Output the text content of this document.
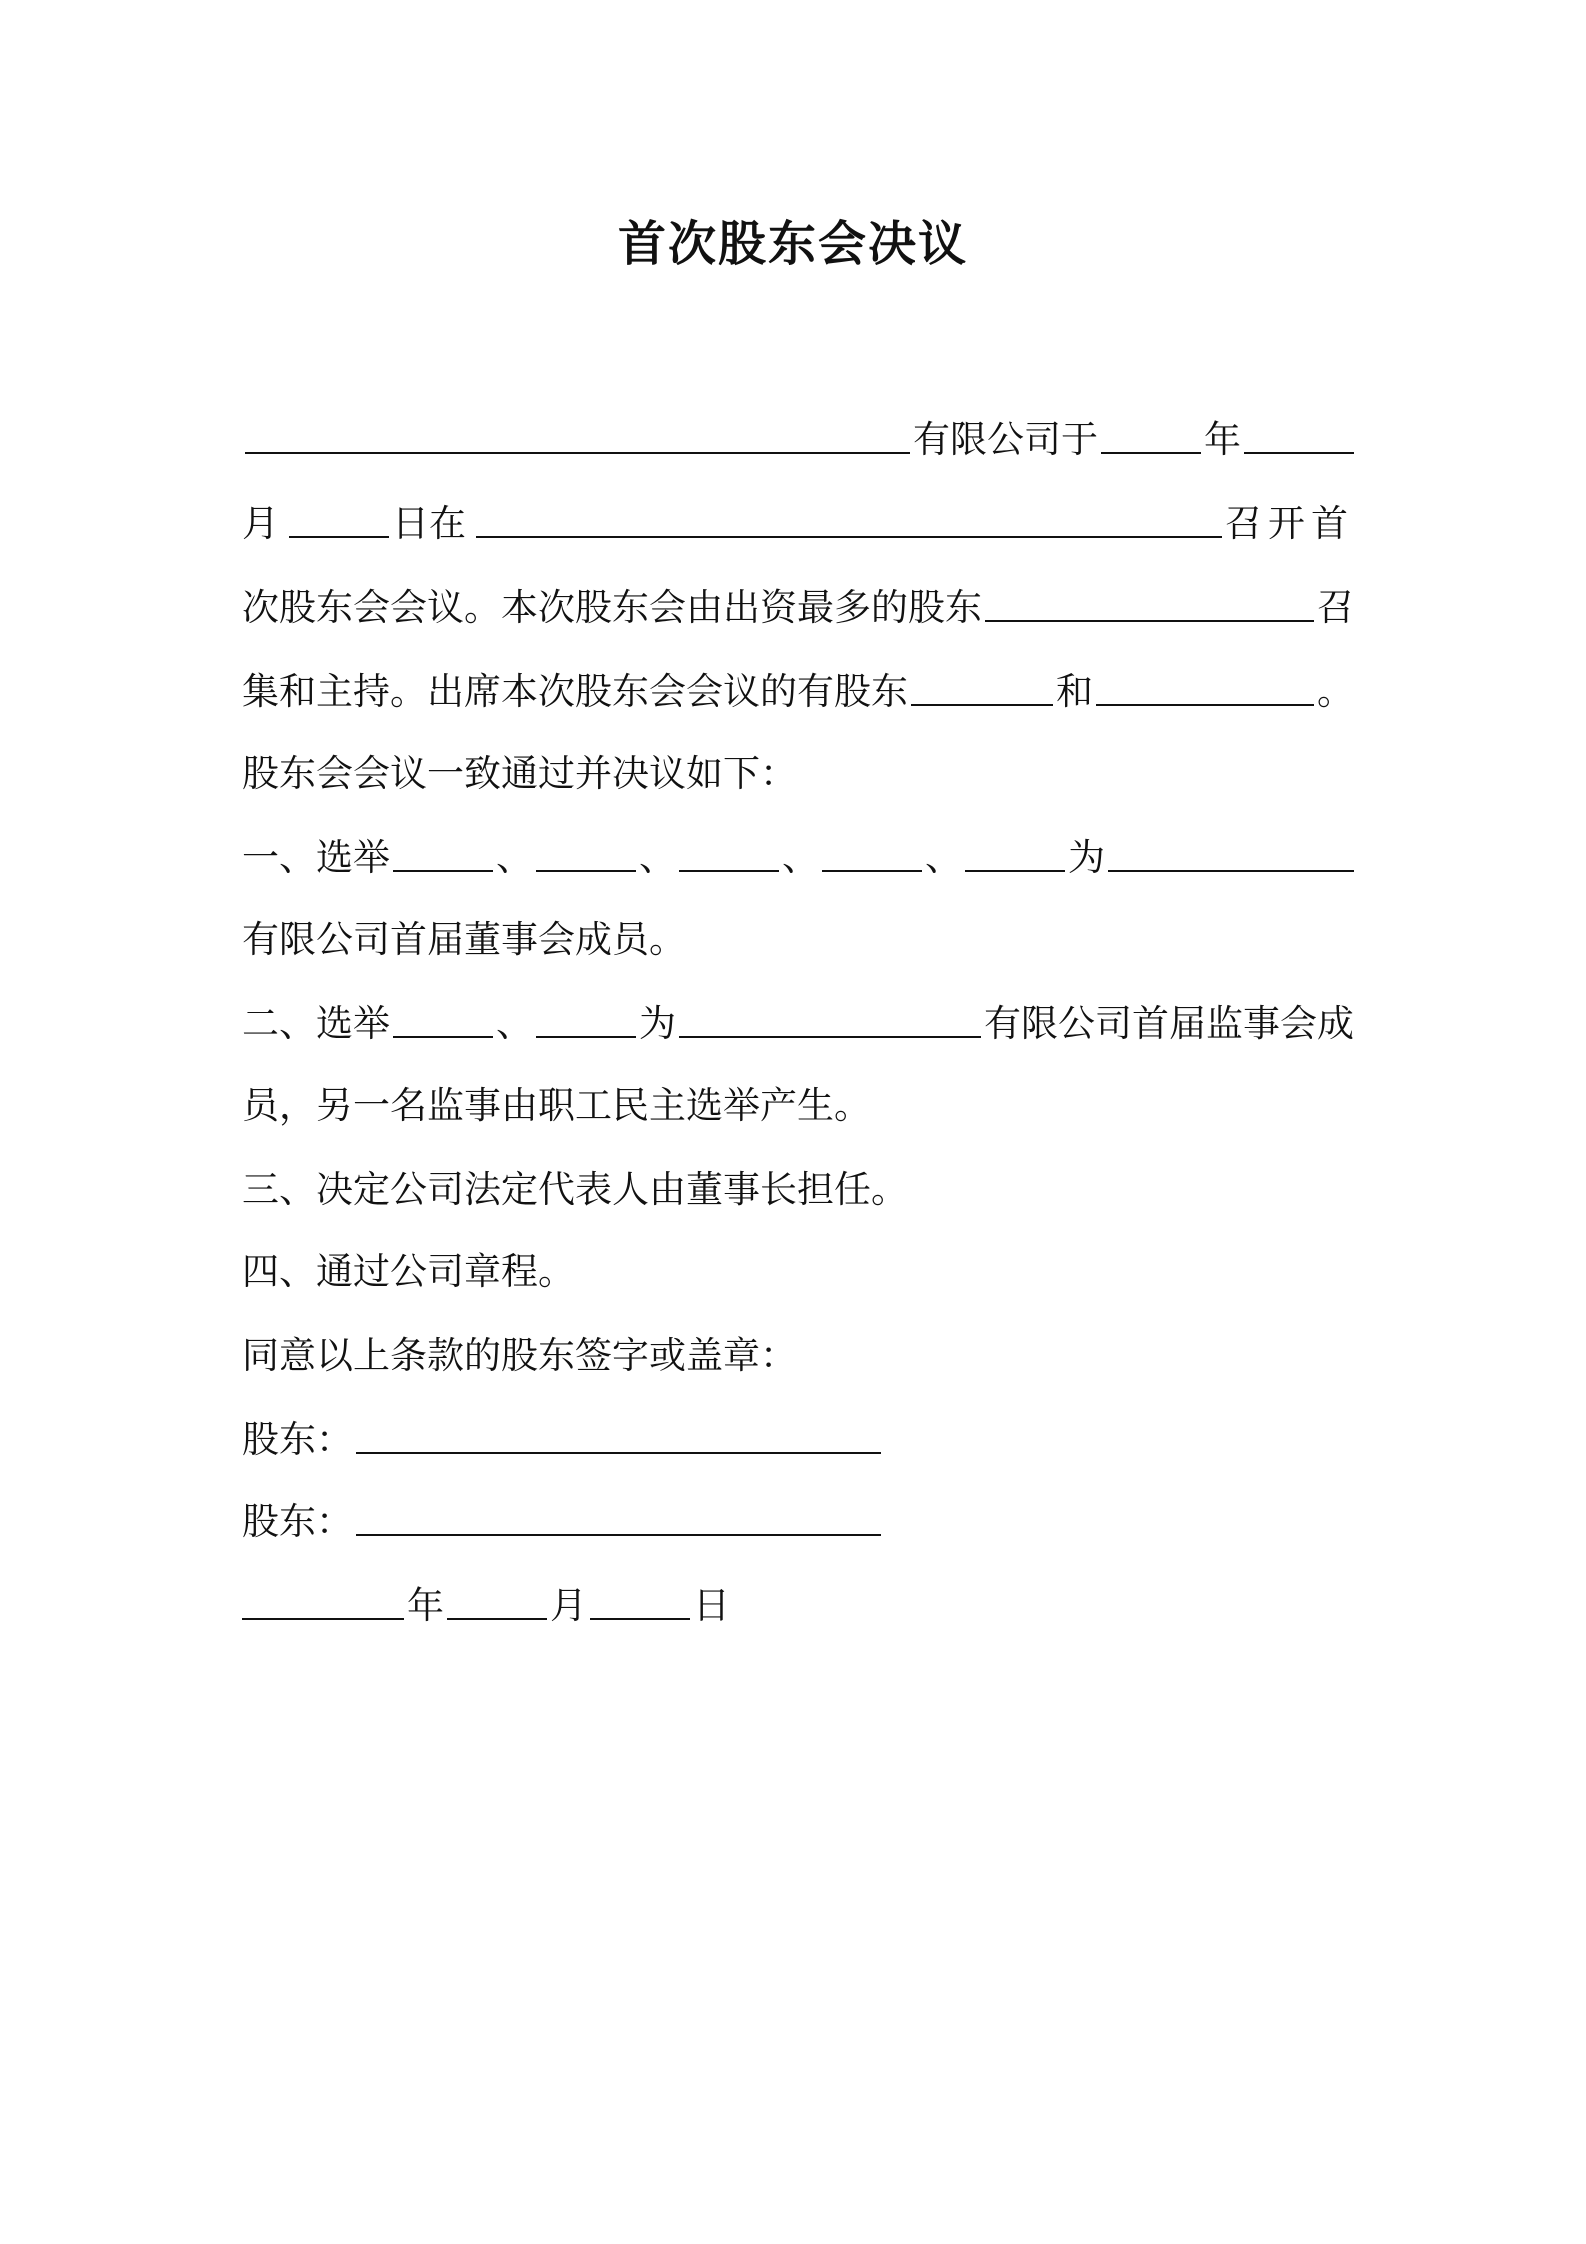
首次股东会决议
有限公司于	年
月	日在	召开首
次股东会会议。本次股东会由出资最多的股东	召
集和主持。出席本次股东会会议的有股东	和	。
股东会会议一致通过并决议如下：
一、选举	、	、	、	、	为
有限公司首届董事会成员。
二、选举	、	为	有限公司首届监事会成
员，另一名监事由职工民主选举产生。
三、决定公司法定代表人由董事长担任。
四、通过公司章程。
同意以上条款的股东签字或盖章：
股东：
股东：
年	月	日
